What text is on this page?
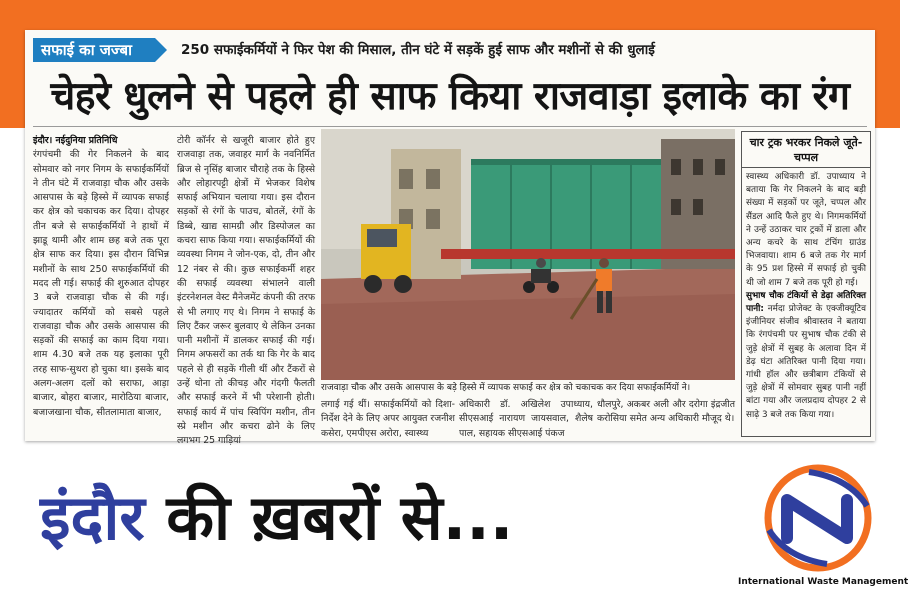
सफाई का जज्बा	250 सफाईकर्मियों ने फिर पेश की मिसाल, तीन घंटे में सड़कें हुई साफ और मशीनों से की धुलाई
चेहरे धुलने से पहले ही साफ किया राजवाड़ा इलाके का रंग
इंदौर। नईदुनिया प्रतिनिधि
रंगपंचमी की गेर निकलने के बाद सोमवार को नगर निगम के सफाईकर्मियों ने तीन घंटे में राजवाड़ा चौक और उसके आसपास के बड़े हिस्से में व्यापक सफाई कर क्षेत्र को चकाचक कर दिया। दोपहर तीन बजे से सफाईकर्मियों ने हाथों में झाडू थामी और शाम छह बजे तक पूरा क्षेत्र साफ कर दिया। इस दौरान विभिन्न मशीनों के साथ 250 सफाईकर्मियों की मदद ली गई। सफाई की शुरुआत दोपहर 3 बजे राजवाड़ा चौक से की गई। ज्यादातर कर्मियों को सबसे पहले राजवाड़ा चौक और उसके आसपास की सड़कों की सफाई का काम दिया गया। शाम 4.30 बजे तक यह इलाका पूरी तरह साफ-सुथरा हो चुका था। इसके बाद अलग-अलग दलों को सराफा, आड़ा बाजार, बोहरा बाजार, मारोठिया बाजार, बजाजखाना चौक, सीतलामाता बाजार,
टोरी कॉर्नर से खजूरी बाजार होते हुए राजवाड़ा तक, जवाहर मार्ग के नवनिर्मित ब्रिज से नृसिंह बाजार चौराहे तक के हिस्से और लोहारपट्टी क्षेत्रों में भेजकर विशेष सफाई अभियान चलाया गया। इस दौरान सड़कों से रंगों के पाउच, बोतलें, रंगों के डिब्बे, खाद्य सामग्री और डिस्पोजल का कचरा साफ किया गया। सफाईकर्मियों की व्यवस्था निगम ने जोन-एक, दो, तीन और 12 नंबर से की। कुछ सफाईकर्मी शहर की सफाई व्यवस्था संभालने वाली इंटरनेशनल वेस्ट मैनेजमेंट कंपनी की तरफ से भी लगाए गए थे। निगम ने सफाई के लिए टैंकर जरूर बुलवाए थे लेकिन उनका पानी मशीनों में डालकर सफाई की गई। निगम अफसरों का तर्क था कि गेर के बाद पहले से ही सड़कें गीली थीं और टैंकरों से उन्हें धोना तो कीचड़ और गंदगी फैलती और सफाई करने में भी परेशानी होती। सफाई कार्य में पांच स्विपिंग मशीन, तीन स्प्रे मशीन और कचरा ढोने के लिए लगभग 25 गाड़ियां
राजवाड़ा चौक और उसके आसपास के बड़े हिस्से में व्यापक सफाई कर क्षेत्र को चकाचक कर दिया सफाईकर्मियों ने।
लगाई गई थीं। सफाईकर्मियों को दिशा-निर्देश देने के लिए अपर आयुक्त रजनीश कसेरा, एमपीएस अरोरा, स्वास्थ्य
अधिकारी डॉ. अखिलेश उपाध्याय, सीएसआई नारायण जायसवाल, शैलेष पाल, सहायक सीएसआई पंकज
धौलपुरे, अकबर अली और दरोगा इंद्रजीत करोसिया समेत अन्य अधिकारी मौजूद थे।
चार ट्रक भरकर निकले जूते-चप्पल
स्वास्थ्य अधिकारी डॉ. उपाध्याय ने बताया कि गेर निकलने के बाद बड़ी संख्या में सड़कों पर जूते, चप्पल और सैंडल आदि फैले हुए थे। निगमकर्मियों ने उन्हें उठाकर चार ट्रकों में डाला और अन्य कचरे के साथ टंचिंग ग्राउंड भिजवाया। शाम 6 बजे तक गेर मार्ग के 95 प्रश हिस्से में सफाई हो चुकी थी जो शाम 7 बजे तक पूरी हो गई।
सुभाष चौक टंकियों से डेढ़ा अतिरिक्त पानी: नर्मदा प्रोजेक्ट के एक्जीक्यूटिव इंजीनियर संजीव श्रीवास्तव ने बताया कि रंगपंचमी पर सुभाष चौक टंकी से जुड़े क्षेत्रों में सुबह के अलावा दिन में डेढ़ घंटा अतिरिक्त पानी दिया गया। गांधी हॉल और छत्रीबाग टंकियों से जुड़े क्षेत्रों में सोमवार सुबह पानी नहीं बांटा गया और जलप्रदाय दोपहर 2 से साढ़े 3 बजे तक किया गया।
इंदौर की ख़बरों से...
International Waste Management
